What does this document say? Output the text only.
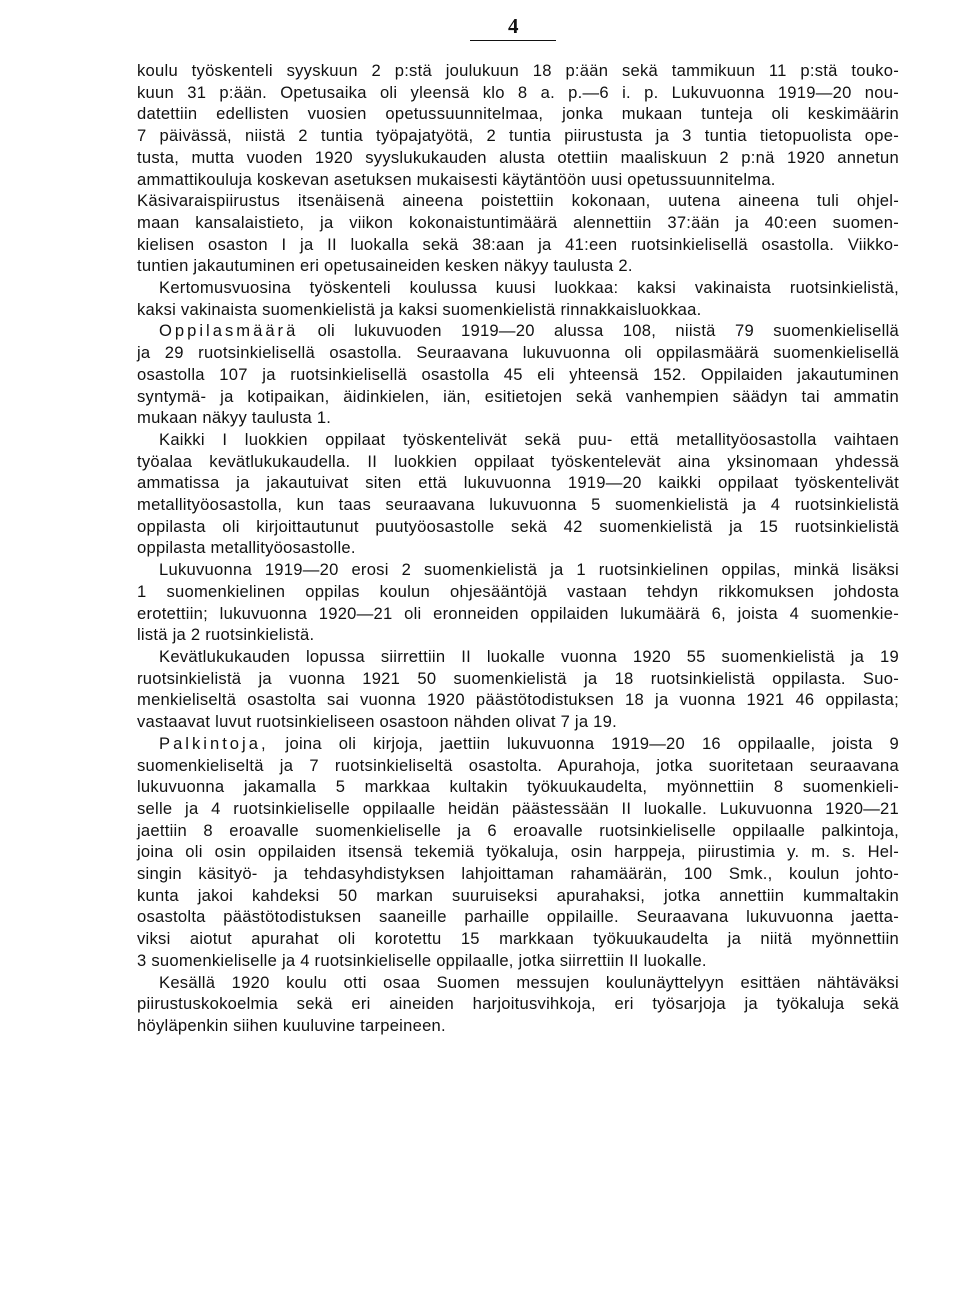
4
koulu työskenteli syyskuun 2 p:stä joulukuun 18 p:ään sekä tammikuun 11 p:stä touko-
kuun 31 p:ään. Opetusaika oli yleensä klo 8 a. p.—6 i. p. Lukuvuonna 1919—20 nou-
datettiin edellisten vuosien opetussuunnitelmaa, jonka mukaan tunteja oli keskimäärin
7 päivässä, niistä 2 tuntia työpajatyötä, 2 tuntia piirustusta ja 3 tuntia tietopuolista ope-
tusta, mutta vuoden 1920 syyslukukauden alusta otettiin maaliskuun 2 p:nä 1920 annetun
ammattikouluja koskevan asetuksen mukaisesti käytäntöön uusi opetussuunnitelma.
Käsivaraispiirustus itsenäisenä aineena poistettiin kokonaan, uutena aineena tuli ohjel-
maan kansalaistieto, ja viikon kokonaistuntimäärä alennettiin 37:ään ja 40:een suomen-
kielisen osaston I ja II luokalla sekä 38:aan ja 41:een ruotsinkielisellä osastolla. Viikko-
tuntien jakautuminen eri opetusaineiden kesken näkyy taulusta 2.
Kertomusvuosina työskenteli koulussa kuusi luokkaa: kaksi vakinaista ruotsinkielistä,
kaksi vakinaista suomenkielistä ja kaksi suomenkielistä rinnakkaisluokkaa.
Oppilasmäärä oli lukuvuoden 1919—20 alussa 108, niistä 79 suomenkielisellä
ja 29 ruotsinkielisellä osastolla. Seuraavana lukuvuonna oli oppilasmäärä suomenkielisellä
osastolla 107 ja ruotsinkielisellä osastolla 45 eli yhteensä 152. Oppilaiden jakautuminen
syntymä- ja kotipaikan, äidinkielen, iän, esitietojen sekä vanhempien säädyn tai ammatin
mukaan näkyy taulusta 1.
Kaikki I luokkien oppilaat työskentelivät sekä puu- että metallityöosastolla vaihtaen
työalaa kevätlukukaudella. II luokkien oppilaat työskentelevät aina yksinomaan yhdessä
ammatissa ja jakautuivat siten että lukuvuonna 1919—20 kaikki oppilaat työskentelivät
metallityöosastolla, kun taas seuraavana lukuvuonna 5 suomenkielistä ja 4 ruotsinkielistä
oppilasta oli kirjoittautunut puutyöosastolle sekä 42 suomenkielistä ja 15 ruotsinkielistä
oppilasta metallityöosastolle.
Lukuvuonna 1919—20 erosi 2 suomenkielistä ja 1 ruotsinkielinen oppilas, minkä lisäksi
1 suomenkielinen oppilas koulun ohjesääntöjä vastaan tehdyn rikkomuksen johdosta
erotettiin; lukuvuonna 1920—21 oli eronneiden oppilaiden lukumäärä 6, joista 4 suomenkie-
listä ja 2 ruotsinkielistä.
Kevätlukukauden lopussa siirrettiin II luokalle vuonna 1920 55 suomenkielistä ja 19
ruotsinkielistä ja vuonna 1921 50 suomenkielistä ja 18 ruotsinkielistä oppilasta. Suo-
menkieliseltä osastolta sai vuonna 1920 päästötodistuksen 18 ja vuonna 1921 46 oppilasta;
vastaavat luvut ruotsinkieliseen osastoon nähden olivat 7 ja 19.
Palkintoja, joina oli kirjoja, jaettiin lukuvuonna 1919—20 16 oppilaalle, joista 9
suomenkieliseltä ja 7 ruotsinkieliseltä osastolta. Apurahoja, jotka suoritetaan seuraavana
lukuvuonna jakamalla 5 markkaa kultakin työkuukaudelta, myönnettiin 8 suomenkieli-
selle ja 4 ruotsinkieliselle oppilaalle heidän päästessään II luokalle. Lukuvuonna 1920—21
jaettiin 8 eroavalle suomenkieliselle ja 6 eroavalle ruotsinkieliselle oppilaalle palkintoja,
joina oli osin oppilaiden itsensä tekemiä työkaluja, osin harppeja, piirustimia y. m. s. Hel-
singin käsityö- ja tehdasyhdistyksen lahjoittaman rahamäärän, 100 Smk., koulun johto-
kunta jakoi kahdeksi 50 markan suuruiseksi apurahaksi, jotka annettiin kummaltakin
osastolta päästötodistuksen saaneille parhaille oppilaille. Seuraavana lukuvuonna jaetta-
viksi aiotut apurahat oli korotettu 15 markkaan työkuukaudelta ja niitä myönnettiin
3 suomenkieliselle ja 4 ruotsinkieliselle oppilaalle, jotka siirrettiin II luokalle.
Kesällä 1920 koulu otti osaa Suomen messujen koulunäyttelyyn esittäen nähtäväksi
piirustuskokoelmia sekä eri aineiden harjoitusvihkoja, eri työsarjoja ja työkaluja sekä
höyläpenkin siihen kuuluvine tarpeineen.
